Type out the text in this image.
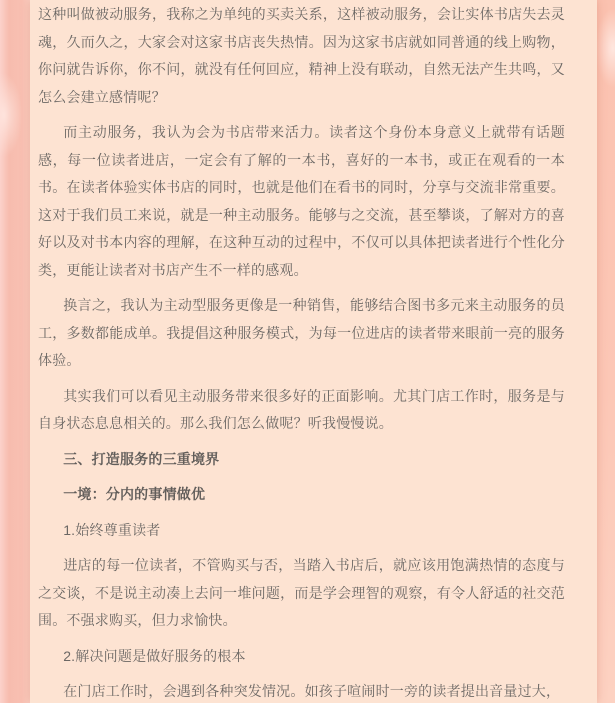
这种叫做被动服务，我称之为单纯的买卖关系，这样被动服务，会让实体书店失去灵魂，久而久之，大家会对这家书店丧失热情。因为这家书店就如同普通的线上购物，你问就告诉你，你不问，就没有任何回应，精神上没有联动，自然无法产生共鸣，又怎么会建立感情呢？

而主动服务，我认为会为书店带来活力。读者这个身份本身意义上就带有话题感，每一位读者进店，一定会有了解的一本书，喜好的一本书，或正在观看的一本书。在读者体验实体书店的同时，也就是他们在看书的同时，分享与交流非常重要。这对于我们员工来说，就是一种主动服务。能够与之交流，甚至攀谈，了解对方的喜好以及对书本内容的理解，在这种互动的过程中，不仅可以具体把读者进行个性化分类，更能让读者对书店产生不一样的感观。

换言之，我认为主动型服务更像是一种销售，能够结合图书多元来主动服务的员工，多数都能成单。我提倡这种服务模式，为每一位进店的读者带来眼前一亮的服务体验。

其实我们可以看见主动服务带来很多好的正面影响。尤其门店工作时，服务是与自身状态息息相关的。那么我们怎么做呢？听我慢慢说。

三、打造服务的三重境界
一境：分内的事情做优

1.始终尊重读者

进店的每一位读者，不管购买与否，当踏入书店后，就应该用饱满热情的态度与之交谈，不是说主动凑上去问一堆问题，而是学会理智的观察，有令人舒适的社交范围。不强求购买，但力求愉快。

2.解决问题是做好服务的根本

在门店工作时，会遇到各种突发情况。如孩子喧闹时一旁的读者提出音量过大，
